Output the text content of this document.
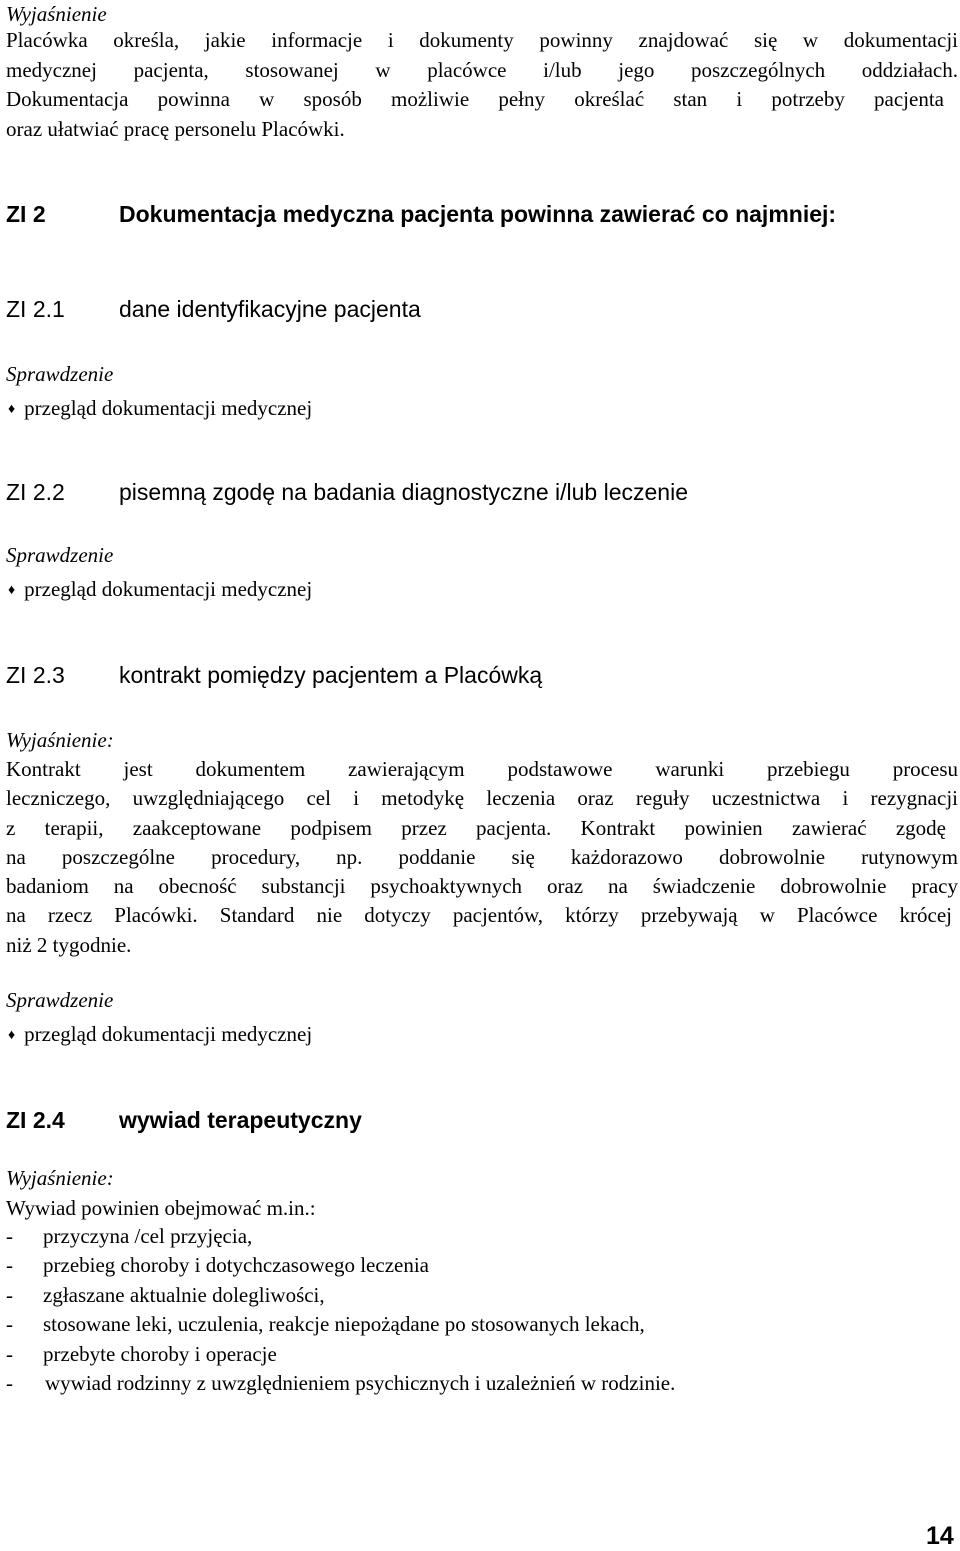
Wyjaśnienie
Placówka określa, jakie informacje i dokumenty powinny znajdować się w dokumentacji
medycznej pacjenta, stosowanej w placówce i/lub jego poszczególnych oddziałach.
Dokumentacja powinna w sposób możliwie pełny określać stan i potrzeby pacjenta
oraz ułatwiać pracę personelu Placówki.
ZI 2	Dokumentacja medyczna pacjenta powinna zawierać co najmniej:
ZI 2.1 dane identyfikacyjne pacjenta
Sprawdzenie
♦ przegląd dokumentacji medycznej
ZI 2.2 pisemną zgodę na badania diagnostyczne i/lub leczenie
Sprawdzenie
♦ przegląd dokumentacji medycznej
ZI 2.3 kontrakt pomiędzy pacjentem a Placówką
Wyjaśnienie:
Kontrakt jest dokumentem zawierającym podstawowe warunki przebiegu procesu
leczniczego, uwzględniającego cel i metodykę leczenia oraz reguły uczestnictwa i rezygnacji
z terapii, zaakceptowane podpisem przez pacjenta. Kontrakt powinien zawierać zgodę
na poszczególne procedury, np. poddanie się każdorazowo dobrowolnie rutynowym
badaniom na obecność substancji psychoaktywnych oraz na świadczenie dobrowolnie pracy
na rzecz Placówki. Standard nie dotyczy pacjentów, którzy przebywają w Placówce krócej
niż 2 tygodnie.
Sprawdzenie
♦ przegląd dokumentacji medycznej
ZI 2.4 wywiad terapeutyczny
Wyjaśnienie:
Wywiad powinien obejmować m.in.:
- przyczyna /cel przyjęcia,
- przebieg choroby i dotychczasowego leczenia
- zgłaszane aktualnie dolegliwości,
- stosowane leki, uczulenia, reakcje niepożądane po stosowanych lekach,
- przebyte choroby i operacje
- wywiad rodzinny z uwzględnieniem psychicznych i uzależnień w rodzinie.
14
